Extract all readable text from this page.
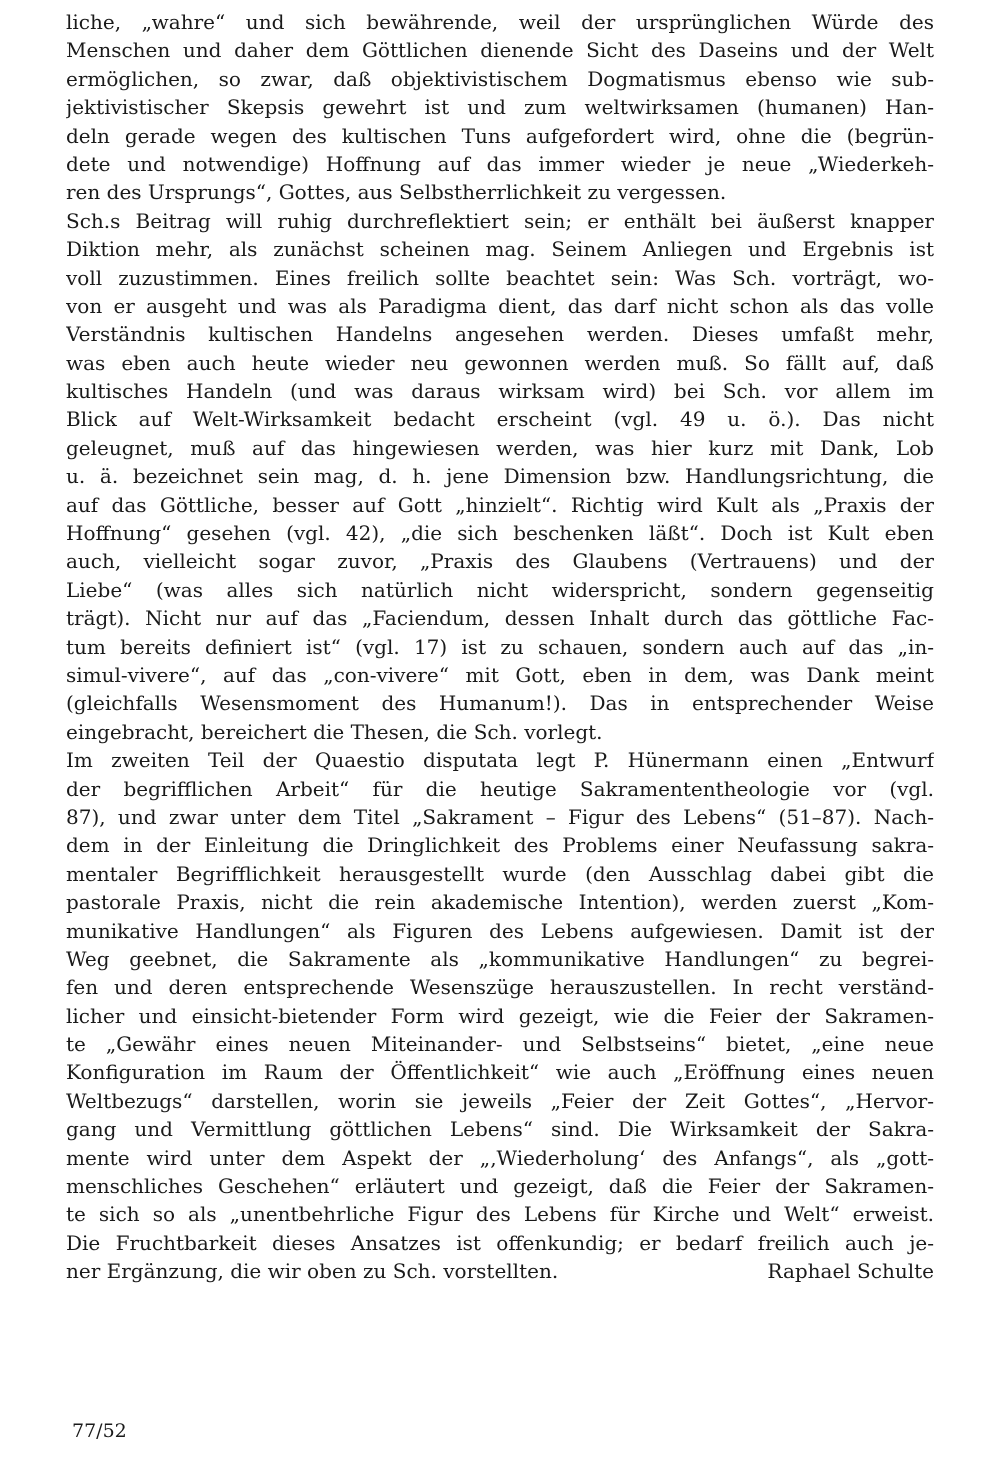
liche, „wahre“ und sich bewährende, weil der ursprünglichen Würde des
Menschen und daher dem Göttlichen dienende Sicht des Daseins und der Welt
ermöglichen, so zwar, daß objektivistischem Dogmatismus ebenso wie sub-
jektivistischer Skepsis gewehrt ist und zum weltwirksamen (humanen) Han-
deln gerade wegen des kultischen Tuns aufgefordert wird, ohne die (begrün-
dete und notwendige) Hoffnung auf das immer wieder je neue „Wiederkeh-
ren des Ursprungs“, Gottes, aus Selbstherrlichkeit zu vergessen.
Sch.s Beitrag will ruhig durchreflektiert sein; er enthält bei äußerst knapper
Diktion mehr, als zunächst scheinen mag. Seinem Anliegen und Ergebnis ist
voll zuzustimmen. Eines freilich sollte beachtet sein: Was Sch. vorträgt, wo-
von er ausgeht und was als Paradigma dient, das darf nicht schon als das volle
Verständnis kultischen Handelns angesehen werden. Dieses umfaßt mehr,
was eben auch heute wieder neu gewonnen werden muß. So fällt auf, daß
kultisches Handeln (und was daraus wirksam wird) bei Sch. vor allem im
Blick auf Welt-Wirksamkeit bedacht erscheint (vgl. 49 u. ö.). Das nicht
geleugnet, muß auf das hingewiesen werden, was hier kurz mit Dank, Lob
u. ä. bezeichnet sein mag, d. h. jene Dimension bzw. Handlungsrichtung, die
auf das Göttliche, besser auf Gott „hinzielt“. Richtig wird Kult als „Praxis der
Hoffnung“ gesehen (vgl. 42), „die sich beschenken läßt“. Doch ist Kult eben
auch, vielleicht sogar zuvor, „Praxis des Glaubens (Vertrauens) und der
Liebe“ (was alles sich natürlich nicht widerspricht, sondern gegenseitig
trägt). Nicht nur auf das „Faciendum, dessen Inhalt durch das göttliche Fac-
tum bereits definiert ist“ (vgl. 17) ist zu schauen, sondern auch auf das „in-
simul-vivere“, auf das „con-vivere“ mit Gott, eben in dem, was Dank meint
(gleichfalls Wesensmoment des Humanum!). Das in entsprechender Weise
eingebracht, bereichert die Thesen, die Sch. vorlegt.
Im zweiten Teil der Quaestio disputata legt P. Hünermann einen „Entwurf
der begrifflichen Arbeit“ für die heutige Sakramententheologie vor (vgl.
87), und zwar unter dem Titel „Sakrament – Figur des Lebens“ (51–87). Nach-
dem in der Einleitung die Dringlichkeit des Problems einer Neufassung sakra-
mentaler Begrifflichkeit herausgestellt wurde (den Ausschlag dabei gibt die
pastorale Praxis, nicht die rein akademische Intention), werden zuerst „Kom-
munikative Handlungen“ als Figuren des Lebens aufgewiesen. Damit ist der
Weg geebnet, die Sakramente als „kommunikative Handlungen“ zu begrei-
fen und deren entsprechende Wesenszüge herauszustellen. In recht verständ-
licher und einsicht-bietender Form wird gezeigt, wie die Feier der Sakramen-
te „Gewähr eines neuen Miteinander- und Selbstseins“ bietet, „eine neue
Konfiguration im Raum der Öffentlichkeit“ wie auch „Eröffnung eines neuen
Weltbezugs“ darstellen, worin sie jeweils „Feier der Zeit Gottes“, „Hervor-
gang und Vermittlung göttlichen Lebens“ sind. Die Wirksamkeit der Sakra-
mente wird unter dem Aspekt der „‚Wiederholung‘ des Anfangs“, als „gott-
menschliches Geschehen“ erläutert und gezeigt, daß die Feier der Sakramen-
te sich so als „unentbehrliche Figur des Lebens für Kirche und Welt“ erweist.
Die Fruchtbarkeit dieses Ansatzes ist offenkundig; er bedarf freilich auch je-
ner Ergänzung, die wir oben zu Sch. vorstellten.	Raphael Schulte
77/52
